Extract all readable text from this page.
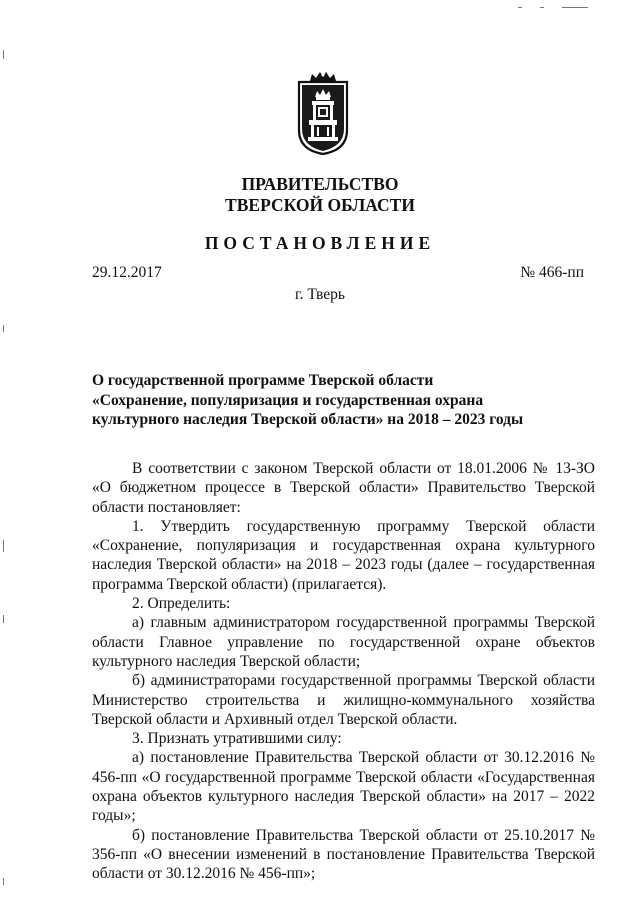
ПРАВИТЕЛЬСТВО
ТВЕРСКОЙ ОБЛАСТИ
ПОСТАНОВЛЕНИЕ
29.12.2017	№ 466-пп
г. Тверь
О государственной программе Тверской области
«Сохранение, популяризация и государственная охрана
культурного наследия Тверской области» на 2018 – 2023 годы

В соответствии с законом Тверской области от 18.01.2006 № 13-ЗО «О бюджетном процессе в Тверской области» Правительство Тверской области постановляет:

1. Утвердить государственную программу Тверской области «Сохранение, популяризация и государственная охрана культурного наследия Тверской области» на 2018 – 2023 годы (далее – государственная программа Тверской области) (прилагается).

2. Определить:

а) главным администратором государственной программы Тверской области Главное управление по государственной охране объектов культурного наследия Тверской области;

б) администраторами государственной программы Тверской области Министерство строительства и жилищно-коммунального хозяйства Тверской области и Архивный отдел Тверской области.

3. Признать утратившими силу:

а) постановление Правительства Тверской области от 30.12.2016 № 456-пп «О государственной программе Тверской области «Государственная охрана объектов культурного наследия Тверской области» на 2017 – 2022 годы»;

б) постановление Правительства Тверской области от 25.10.2017 № 356-пп «О внесении изменений в постановление Правительства Тверской области от 30.12.2016 № 456-пп»;
